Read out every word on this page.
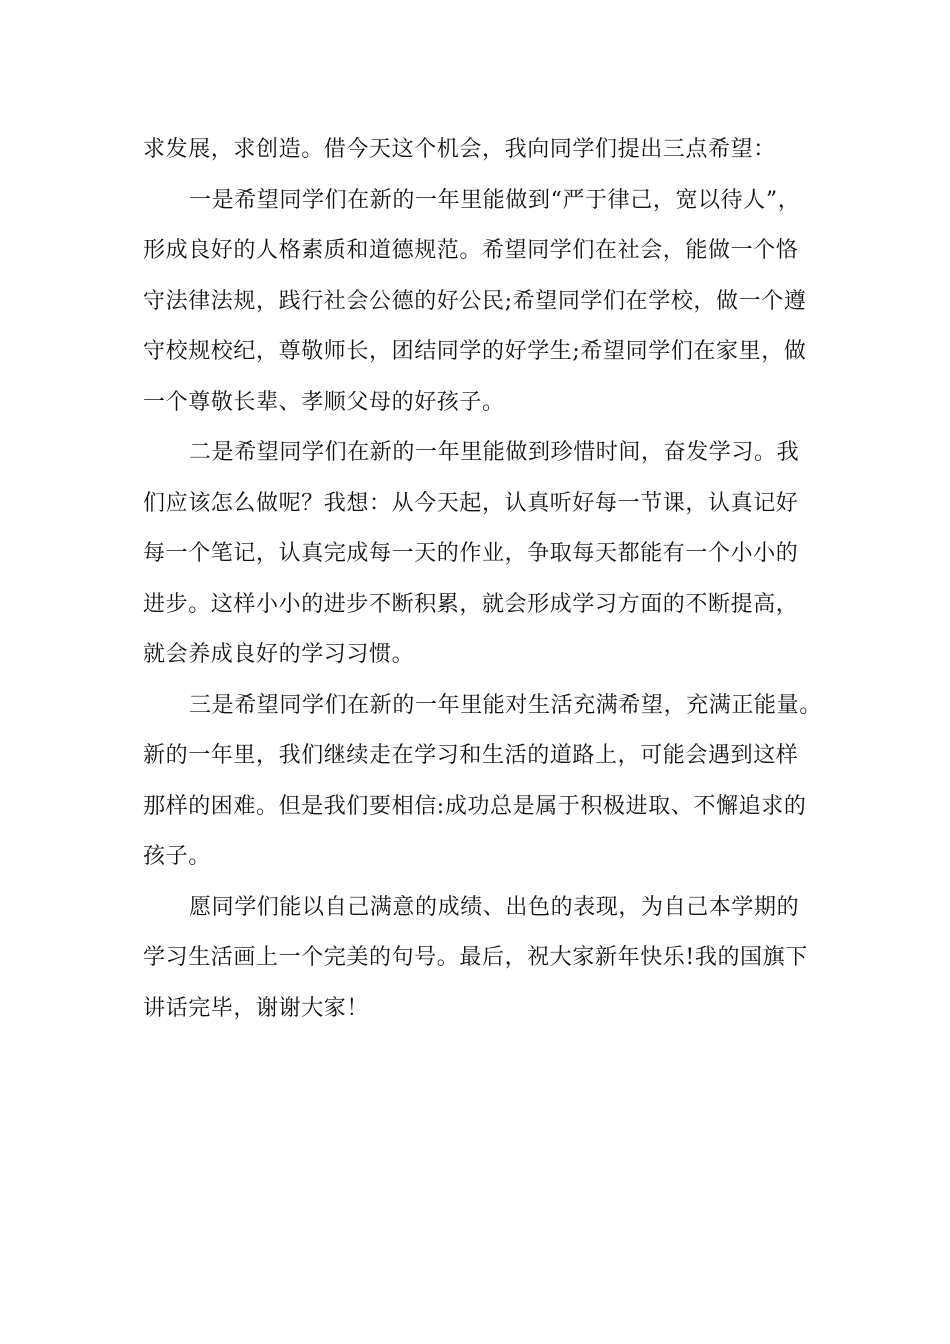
求发展，求创造。借今天这个机会，我向同学们提出三点希望：
一是希望同学们在新的一年里能做到“严于律己，宽以待人”，
形成良好的人格素质和道德规范。希望同学们在社会，能做一个恪
守法律法规，践行社会公德的好公民;希望同学们在学校，做一个遵
守校规校纪，尊敬师长，团结同学的好学生;希望同学们在家里，做
一个尊敬长辈、孝顺父母的好孩子。
二是希望同学们在新的一年里能做到珍惜时间，奋发学习。我
们应该怎么做呢？我想：从今天起，认真听好每一节课，认真记好
每一个笔记，认真完成每一天的作业，争取每天都能有一个小小的
进步。这样小小的进步不断积累，就会形成学习方面的不断提高，
就会养成良好的学习习惯。
三是希望同学们在新的一年里能对生活充满希望，充满正能量。
新的一年里，我们继续走在学习和生活的道路上，可能会遇到这样
那样的困难。但是我们要相信:成功总是属于积极进取、不懈追求的
孩子。
愿同学们能以自己满意的成绩、出色的表现，为自己本学期的
学习生活画上一个完美的句号。最后，祝大家新年快乐!我的国旗下
讲话完毕，谢谢大家！
